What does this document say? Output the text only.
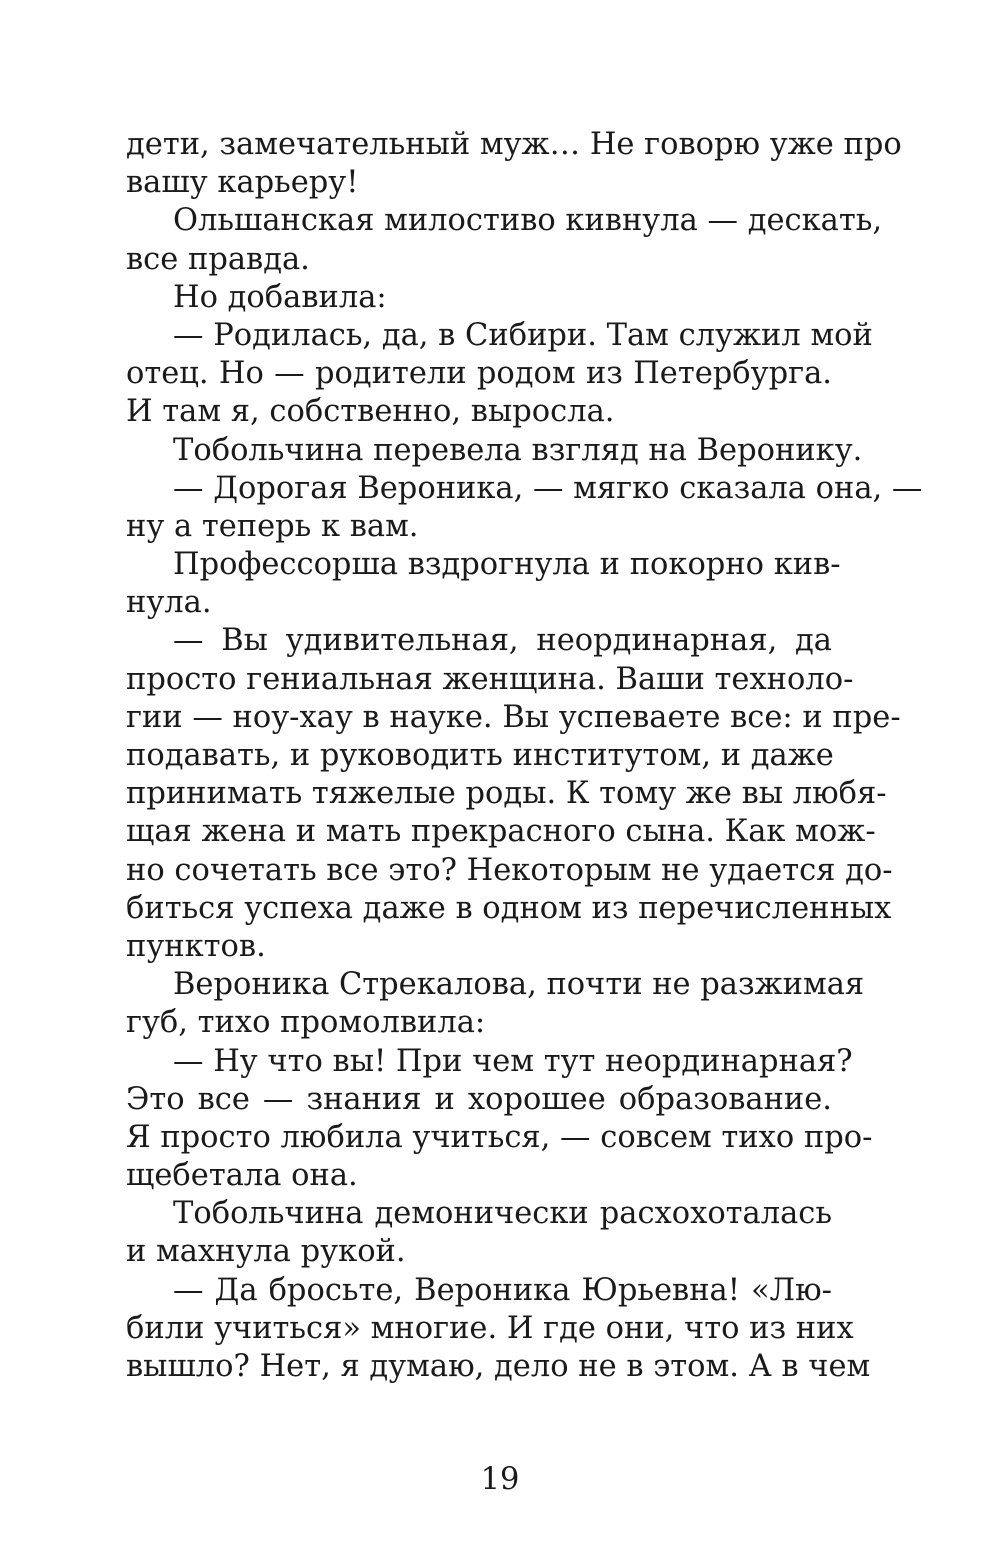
дети, замечательный муж… Не говорю уже про
вашу карьеру!
Ольшанская милостиво кивнула — дескать,
все правда.
Но добавила:
— Родилась, да, в Сибири. Там служил мой
отец. Но — родители родом из Петербурга.
И там я, собственно, выросла.
Тобольчина перевела взгляд на Веронику.
— Дорогая Вероника, — мягко сказала она, —
ну а теперь к вам.
Профессорша вздрогнула и покорно кив-
нула.
— Вы удивительная, неординарная, да
просто гениальная женщина. Ваши техноло-
гии — ноу-хау в науке. Вы успеваете все: и пре-
подавать, и руководить институтом, и даже
принимать тяжелые роды. К тому же вы любя-
щая жена и мать прекрасного сына. Как мож-
но сочетать все это? Некоторым не удается до-
биться успеха даже в одном из перечисленных
пунктов.
Вероника Стрекалова, почти не разжимая
губ, тихо промолвила:
— Ну что вы! При чем тут неординарная?
Это все — знания и хорошее образование.
Я просто любила учиться, — совсем тихо про-
щебетала она.
Тобольчина демонически расхохоталась
и махнула рукой.
— Да бросьте, Вероника Юрьевна! «Лю-
били учиться» многие. И где они, что из них
вышло? Нет, я думаю, дело не в этом. А в чем
19
